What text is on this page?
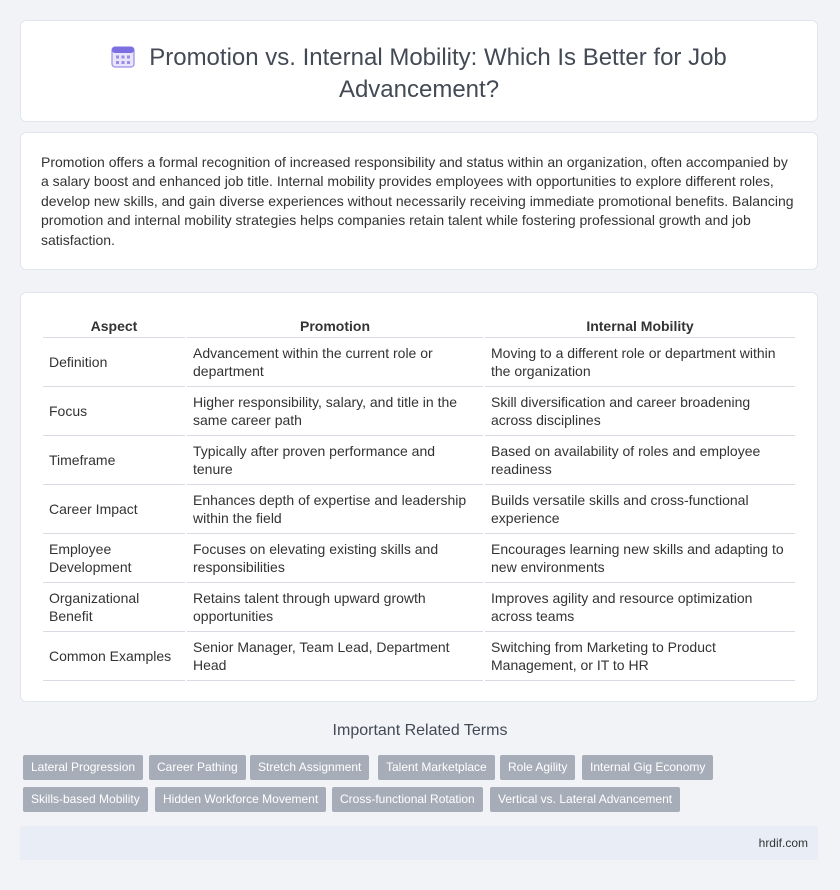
Promotion vs. Internal Mobility: Which Is Better for Job
Advancement?

Promotion offers a formal recognition of increased responsibility and status within an organization, often accompanied by a salary boost and enhanced job title. Internal mobility provides employees with opportunities to explore different roles, develop new skills, and gain diverse experiences without necessarily receiving immediate promotional benefits. Balancing promotion and internal mobility strategies helps companies retain talent while fostering professional growth and job satisfaction.

Aspect	Promotion	Internal Mobility
Definition	Advancement within the current role or department	Moving to a different role or department within the organization
Focus	Higher responsibility, salary, and title in the same career path	Skill diversification and career broadening across disciplines
Timeframe	Typically after proven performance and tenure	Based on availability of roles and employee readiness
Career Impact	Enhances depth of expertise and leadership within the field	Builds versatile skills and cross-functional experience
Employee Development	Focuses on elevating existing skills and responsibilities	Encourages learning new skills and adapting to new environments
Organizational Benefit	Retains talent through upward growth opportunities	Improves agility and resource optimization across teams
Common Examples	Senior Manager, Team Lead, Department Head	Switching from Marketing to Product Management, or IT to HR
Important Related Terms
Lateral Progression	Career Pathing	Stretch Assignment	Talent Marketplace	Role Agility	Internal Gig Economy
Skills-based Mobility	Hidden Workforce Movement	Cross-functional Rotation	Vertical vs. Lateral Advancement
hrdif.com
